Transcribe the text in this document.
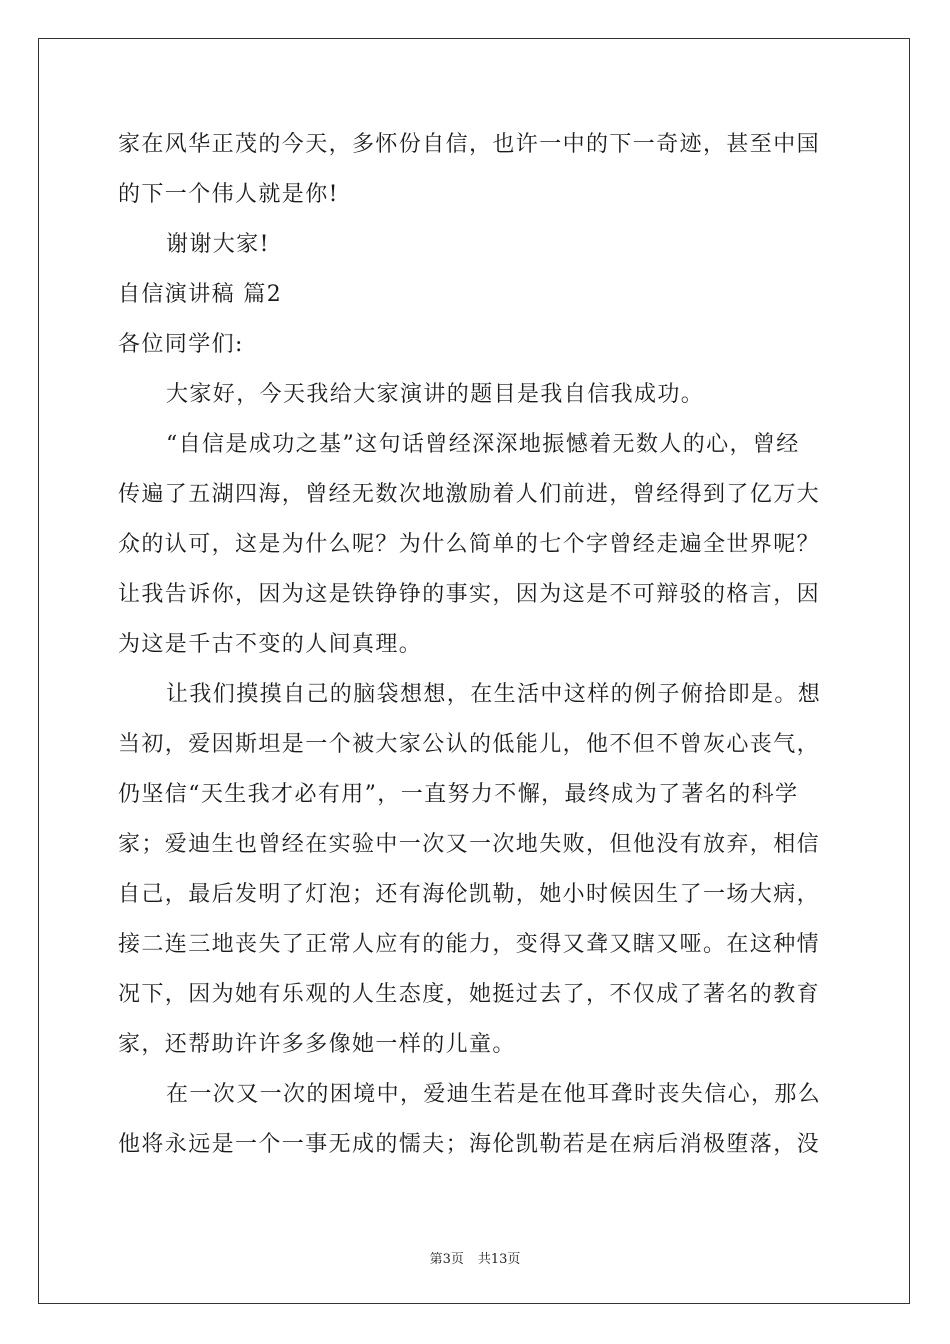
家在风华正茂的今天，多怀份自信，也许一中的下一奇迹，甚至中国
的下一个伟人就是你!
谢谢大家!
自信演讲稿 篇2
各位同学们:
大家好，今天我给大家演讲的题目是我自信我成功。
“自信是成功之基”这句话曾经深深地振憾着无数人的心，曾经
传遍了五湖四海，曾经无数次地激励着人们前进，曾经得到了亿万大
众的认可，这是为什么呢？为什么简单的七个字曾经走遍全世界呢？
让我告诉你，因为这是铁铮铮的事实，因为这是不可辩驳的格言，因
为这是千古不变的人间真理。
让我们摸摸自己的脑袋想想，在生活中这样的例子俯拾即是。想
当初，爱因斯坦是一个被大家公认的低能儿，他不但不曾灰心丧气，
仍坚信“天生我才必有用”，一直努力不懈，最终成为了著名的科学
家；爱迪生也曾经在实验中一次又一次地失败，但他没有放弃，相信
自己，最后发明了灯泡；还有海伦凯勒，她小时候因生了一场大病，
接二连三地丧失了正常人应有的能力，变得又聋又瞎又哑。在这种情
况下，因为她有乐观的人生态度，她挺过去了，不仅成了著名的教育
家，还帮助许许多多像她一样的儿童。
在一次又一次的困境中，爱迪生若是在他耳聋时丧失信心，那么
他将永远是一个一事无成的懦夫；海伦凯勒若是在病后消极堕落，没
第3页 共13页
